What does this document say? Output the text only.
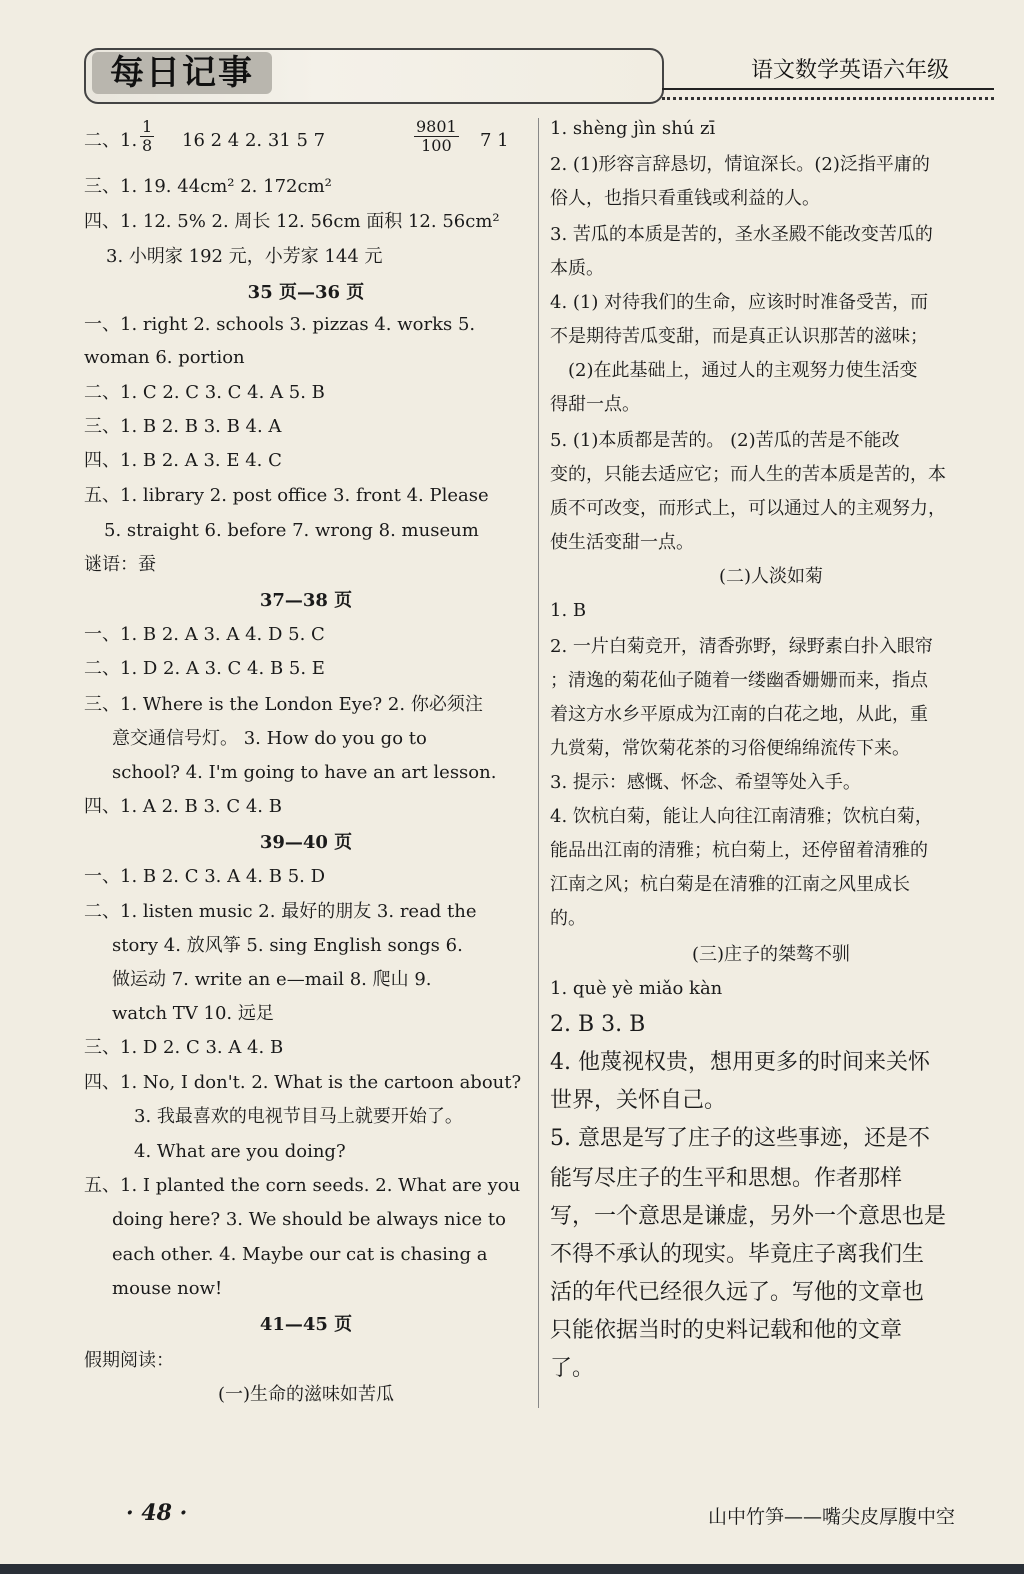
每日记事	语文数学英语六年级
二、1. $\frac{1}{8} 16$ 2 4 2. 31 5 7	$\frac{9801}{100} 7$ 1
三、1. 19. 44cm² 2. 172cm²
四、1. 12. 5% 2. 周长 12. 56cm 面积 12. 56cm²
3. 小明家 192 元，小芳家 144 元
35 页—36 页
一、1. right 2. schools 3. pizzas 4. works 5.
woman 6. portion
二、1. C 2. C 3. C 4. A 5. B
三、1. B 2. B 3. B 4. A
四、1. B 2. A 3. E 4. C
五、1. library 2. post office 3. front 4. Please
5. straight 6. before 7. wrong 8. museum
谜语：蚕
37—38 页
一、1. B 2. A 3. A 4. D 5. C
二、1. D 2. A 3. C 4. B 5. E
三、1. Where is the London Eye? 2. 你必须注
意交通信号灯。 3. How do you go to
school? 4. I'm going to have an art lesson.
四、1. A 2. B 3. C 4. B
39—40 页
一、1. B 2. C 3. A 4. B 5. D
二、1. listen music 2. 最好的朋友 3. read the
story 4. 放风筝 5. sing English songs 6.
做运动 7. write an e—mail 8. 爬山 9.
watch TV 10. 远足
三、1. D 2. C 3. A 4. B
四、1. No, I don't. 2. What is the cartoon about?
3. 我最喜欢的电视节目马上就要开始了。
4. What are you doing?
五、1. I planted the corn seeds. 2. What are you
doing here? 3. We should be always nice to
each other. 4. Maybe our cat is chasing a
mouse now!
41—45 页
假期阅读：
(一)生命的滋味如苦瓜
1. shèng jìn shú zī
2. (1)形容言辞恳切，情谊深长。(2)泛指平庸的
俗人，也指只看重钱或利益的人。
3. 苦瓜的本质是苦的，圣水圣殿不能改变苦瓜的
本质。
4. (1) 对待我们的生命，应该时时准备受苦，而
不是期待苦瓜变甜，而是真正认识那苦的滋味；
(2)在此基础上，通过人的主观努力使生活变
得甜一点。
5. (1)本质都是苦的。 (2)苦瓜的苦是不能改
变的，只能去适应它；而人生的苦本质是苦的，本
质不可改变，而形式上，可以通过人的主观努力，
使生活变甜一点。
(二)人淡如菊
1. B
2. 一片白菊竞开，清香弥野，绿野素白扑入眼帘
；清逸的菊花仙子随着一缕幽香姗姗而来，指点
着这方水乡平原成为江南的白花之地，从此，重
九赏菊，常饮菊花茶的习俗便绵绵流传下来。
3. 提示：感慨、怀念、希望等处入手。
4. 饮杭白菊，能让人向往江南清雅；饮杭白菊，
能品出江南的清雅；杭白菊上，还停留着清雅的
江南之风；杭白菊是在清雅的江南之风里成长
的。
(三)庄子的桀骜不驯
1. què yè miǎo kàn
2. B 3. B
4. 他蔑视权贵，想用更多的时间来关怀
世界，关怀自己。
5. 意思是写了庄子的这些事迹，还是不
能写尽庄子的生平和思想。作者那样
写，一个意思是谦虚，另外一个意思也是
不得不承认的现实。毕竟庄子离我们生
活的年代已经很久远了。写他的文章也
只能依据当时的史料记载和他的文章
了。
· 48 ·	山中竹笋——嘴尖皮厚腹中空
